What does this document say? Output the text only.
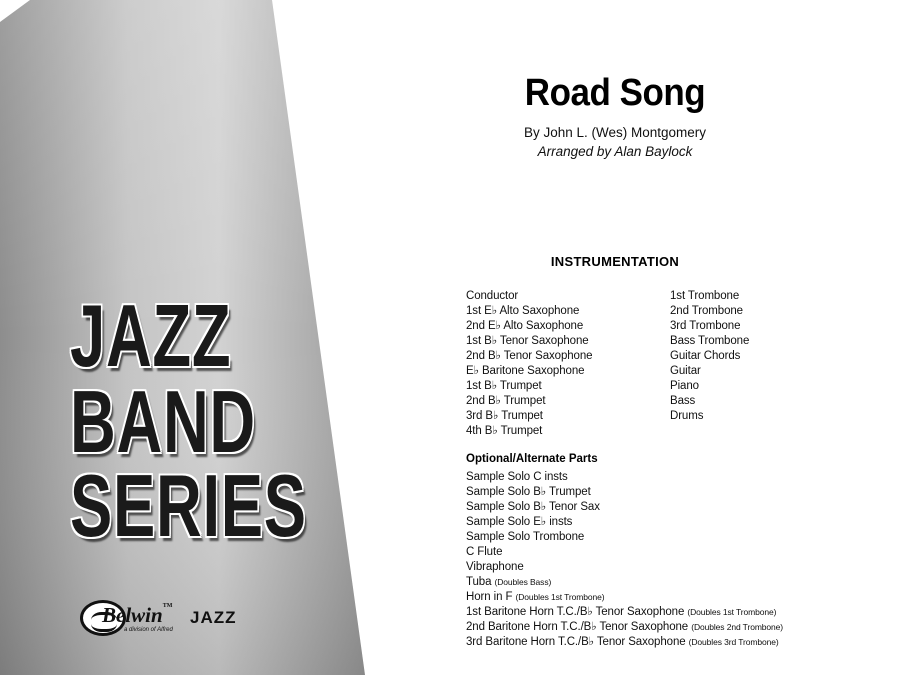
JAZZ
BAND
SERIES
Belwin™
JAZZ
a division of Alfred
Road Song
By John L. (Wes) Montgomery
Arranged by Alan Baylock
INSTRUMENTATION
Conductor
1st E♭ Alto Saxophone
2nd E♭ Alto Saxophone
1st B♭ Tenor Saxophone
2nd B♭ Tenor Saxophone
E♭ Baritone Saxophone
1st B♭ Trumpet
2nd B♭ Trumpet
3rd B♭ Trumpet
4th B♭ Trumpet
1st Trombone
2nd Trombone
3rd Trombone
Bass Trombone
Guitar Chords
Guitar
Piano
Bass
Drums
Optional/Alternate Parts
Sample Solo C insts
Sample Solo B♭ Trumpet
Sample Solo B♭ Tenor Sax
Sample Solo E♭ insts
Sample Solo Trombone
C Flute
Vibraphone
Tuba (Doubles Bass)
Horn in F (Doubles 1st Trombone)
1st Baritone Horn T.C./B♭ Tenor Saxophone (Doubles 1st Trombone)
2nd Baritone Horn T.C./B♭ Tenor Saxophone (Doubles 2nd Trombone)
3rd Baritone Horn T.C./B♭ Tenor Saxophone (Doubles 3rd Trombone)
